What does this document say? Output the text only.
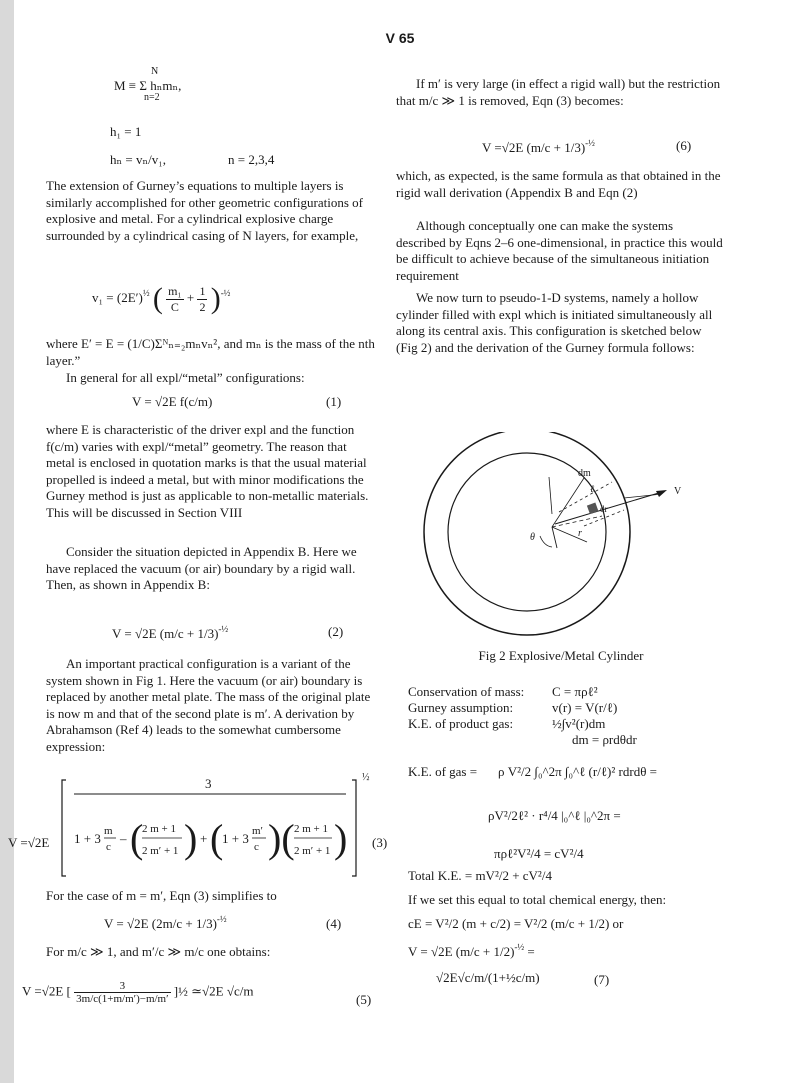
V 65
M ≡ Σ hₙmₙ,
N
n=2
h₁ = 1
hₙ = vₙ/v₁,	n = 2,3,4

The extension of Gurney’s equations to multiple layers is similarly accomplished for other geometric configurations of explosive and metal. For a cylindrical explosive charge surrounded by a cylindrical casing of N layers, for example,

$v_1 = (2E')^{\frac{1}{2}}$ ( $\frac{\text{m₁}}{C} + \frac{1}{2} )^{-\frac{1}{2}}$

where E′ = E = (1/C)Σᴺₙ₌₂mₙvₙ², and mₙ is the mass of the nth layer.”

In general for all expl/“metal” configurations:

V = √2E f(c/m)	(1)

where E is characteristic of the driver expl and the function f(c/m) varies with expl/“metal” geometry. The reason that metal is enclosed in quotation marks is that the usual material propelled is indeed a metal, but with minor modifications the Gurney method is just as applicable to non-metallic materials. This will be discussed in Section VIII

Consider the situation depicted in Appendix B. Here we have replaced the vacuum (or air) boundary by a rigid wall. Then, as shown in Appendix B:

V = √2E $(m/c + 1/3)^{-\frac{1}{2}}$	(2)

An important practical configuration is a variant of the system shown in Fig 1. Here the vacuum (or air) boundary is replaced by another metal plate. The mass of the original plate is now m and that of the second plate is m′. A derivation by Abrahamson (Ref 4) leads to the somewhat cumbersome expression:

V =√2E 1 + 3 m
c
– (
2 m + 1
2 m′ + 1 ) + (
1 + 3 m′
c )( 2 m + 1
2 m′ + 1 )
3	½
(3)

For the case of m = m′, Eqn (3) simplifies to

V = √2E $(2m/c + 1/3)^{-\frac{1}{2}}$	(4)

For m/c ≫ 1, and m′/c ≫ m/c one obtains:

V =√2E [ $\frac{3}{3m/c(1+m/m')-m/m'}$ ]½ ≃√2E √c/m
(5)

If m′ is very large (in effect a rigid wall) but the restriction that m/c ≫ 1 is removed, Eqn (3) becomes:

V =√2E $(m/c + 1/3)^{-\frac{1}{2}}$	(6)

which, as expected, is the same formula as that obtained in the rigid wall derivation (Appendix B and Eqn (2)

Although conceptually one can make the systems described by Eqns 2–6 one-dimensional, in practice this would be difficult to achieve because of the simultaneous initiation requirement

We now turn to pseudo-1-D systems, namely a hollow cylinder filled with expl which is initiated simultaneously all along its central axis. This configuration is sketched below (Fig 2) and the derivation of the Gurney formula follows:

dm
V
ℓ
dr
θ	r
Fig 2 Explosive/Metal Cylinder
Conservation of mass: C = πρℓ²
Gurney assumption:	v(r) = V(r/ℓ)
K.E. of product gas:	½∫v²(r)dm
dm = ρrdθdr
K.E. of gas = ρ V²/2 ∫₀^2π ∫₀^ℓ (r/ℓ)² rdrdθ =
ρV²/2ℓ² · r⁴/4 |₀^ℓ |₀^2π =
πρℓ²V²/4 = cV²/4
Total K.E. = mV²/2 + cV²/4
If we set this equal to total chemical energy, then:
cE = V²/2 (m + c/2) = V²/2 (m/c + 1/2) or
V = √2E $(m/c + 1/2)^{-\frac{1}{2}}$ =
√2E√c/m/(1+½c/m)	(7)
